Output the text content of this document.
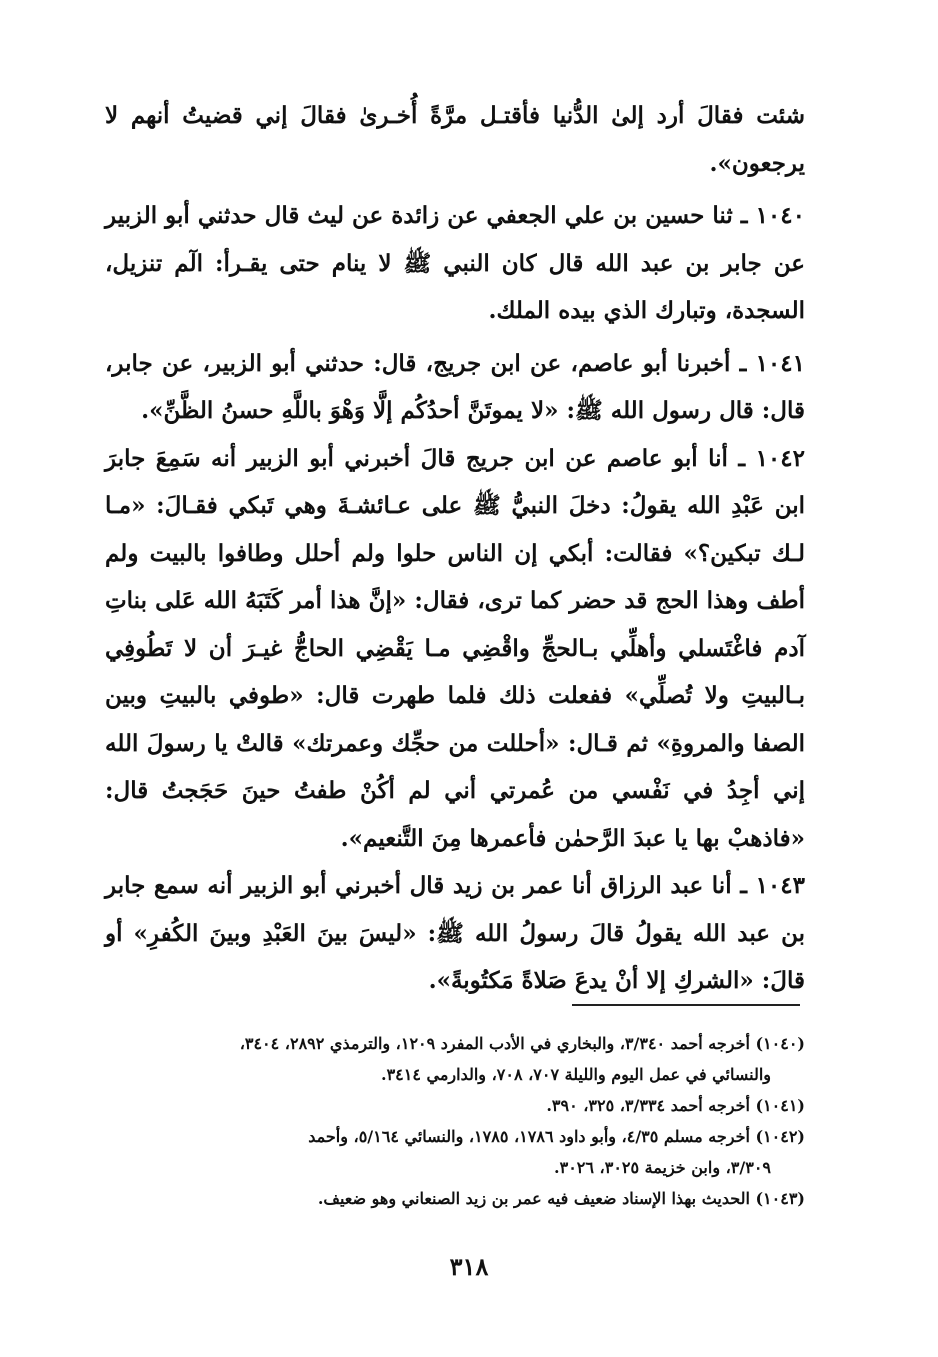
شئت فقالَ أرد إلىٰ الدُّنيا فأقتـل مرَّةً أُخـرىٰ فقالَ إني قضيتُ أنهم لا يرجعون».

١٠٤٠ ـ ثنا حسين بن علي الجعفي عن زائدة عن ليث قال حدثني أبو الزبير عن جابر بن عبد الله قال كان النبي ﷺ لا ينام حتى يقـرأ: الٓم تنزيل، السجدة، وتبارك الذي بيده الملك.

١٠٤١ ـ أخبرنا أبو عاصم، عن ابن جريج، قال: حدثني أبو الزبير، عن جابر، قال: قال رسول الله ﷺ: «لا يموتَنَّ أحدُكُم إلَّا وَهْوَ باللَّهِ حسنُ الظَّنِّ».

١٠٤٢ ـ أنا أبو عاصم عن ابن جريج قالَ أخبرني أبو الزبير أنه سَمِعَ جابرَ ابن عَبْدِ الله يقولُ: دخلَ النبيُّ ﷺ على عـائشـةَ وهي تَبكي فقـالَ: «مـا لـك تبكين؟» فقالت: أبكي إن الناس حلوا ولم أحلل وطافوا بالبيت ولم أطف وهذا الحج قد حضر كما ترى، فقال: «إنَّ هذا أمر كَتَبَهُ الله عَلى بناتِ آدم فاغْتَسلي وأهلِّي بـالحجِّ واقْضِي مـا يَقْضِي الحاجُّ غيـرَ أن لا تَطُوفِي بـالبيتِ ولا تُصلِّي» ففعلت ذلك فلما طهرت قال: «طوفي بالبيتِ وبين الصفا والمروةِ» ثم قـال: «أحللت من حجِّك وعمرتك» قالتْ يا رسولَ الله إني أجِدُ في نَفْسي من عُمرتي أني لم أكُنْ طفتُ حينَ حَجَجتُ قال: «فاذهبْ بها يا عبدَ الرَّحمٰن فأعمرها مِنَ التَّنعيم».

١٠٤٣ ـ أنا عبد الرزاق أنا عمر بن زيد قال أخبرني أبو الزبير أنه سمع جابر بن عبد الله يقولُ قالَ رسولُ الله ﷺ: «ليسَ بينَ العَبْدِ وبينَ الكُفرِ» أو قالَ: «الشركِ إلا أنْ يدعَ صَلاةً مَكتُوبةً».

(١٠٤٠) أخرجه أحمد ٣/٣٤٠، والبخاري في الأدب المفرد ١٢٠٩، والترمذي ٢٨٩٢، ٣٤٠٤،
والنسائي في عمل اليوم والليلة ٧٠٧، ٧٠٨، والدارمي ٣٤١٤.

(١٠٤١) أخرجه أحمد ٣/٣٣٤، ٣٢٥، ٣٩٠.

(١٠٤٢) أخرجه مسلم ٤/٣٥، وأبو داود ١٧٨٦، ١٧٨٥، والنسائي ٥/١٦٤، وأحمد
٣/٣٠٩، وابن خزيمة ٣٠٢٥، ٣٠٢٦.

(١٠٤٣) الحديث بهذا الإسناد ضعيف فيه عمر بن زيد الصنعاني وهو ضعيف.

٣١٨
